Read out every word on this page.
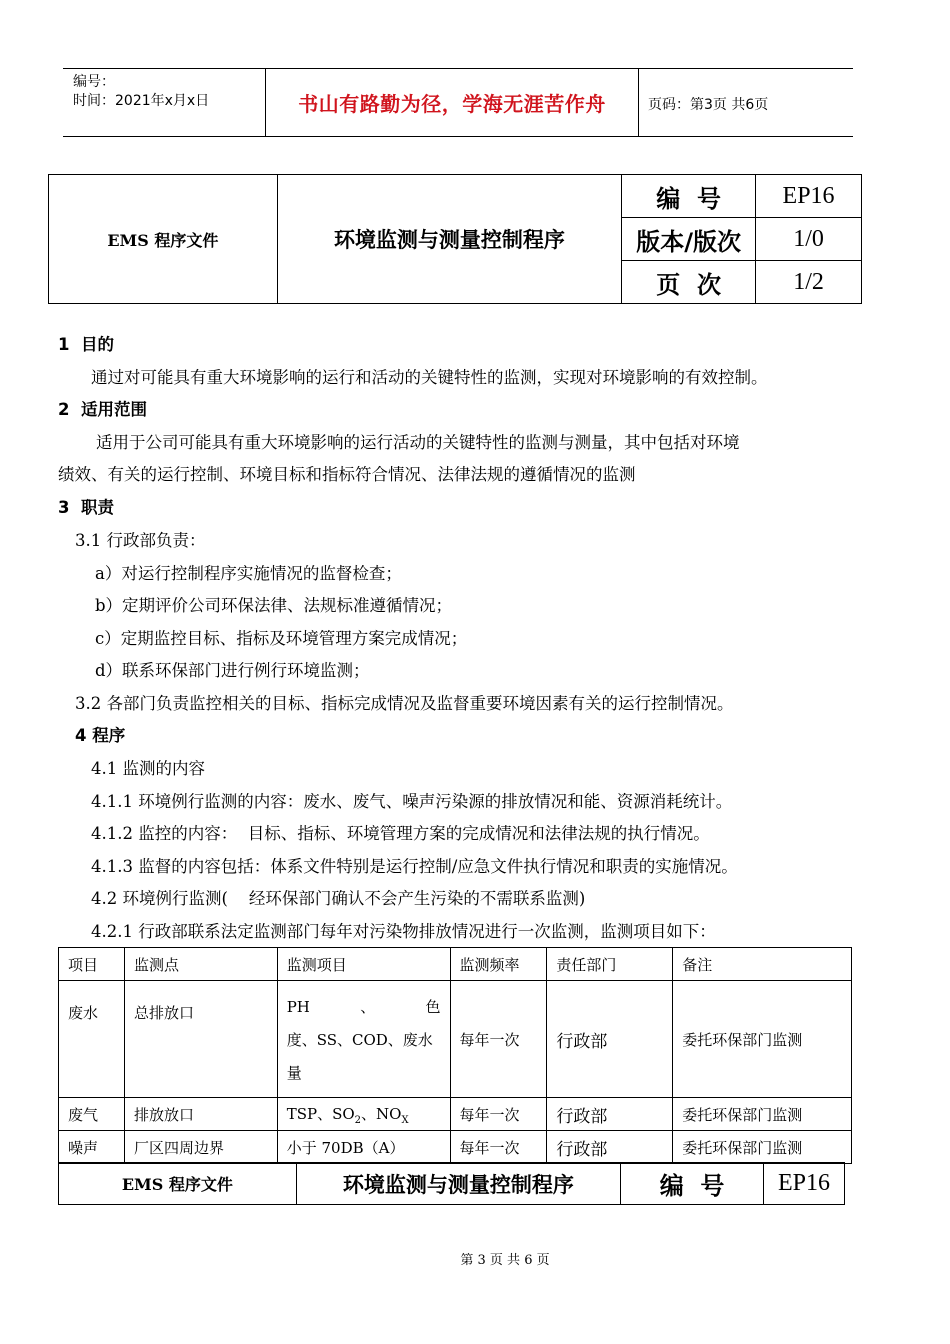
编号：
时间：2021年x月x日	书山有路勤为径，学海无涯苦作舟	页码：第3页 共6页
EMS 程序文件	环境监测与测量控制程序	编  号	EP16
		版本/版次	1/0
		页  次	1/2
1  目的
通过对可能具有重大环境影响的运行和活动的关键特性的监测，实现对环境影响的有效控制。
2  适用范围
适用于公司可能具有重大环境影响的运行活动的关键特性的监测与测量，其中包括对环境
绩效、有关的运行控制、环境目标和指标符合情况、法律法规的遵循情况的监测
3  职责
3.1 行政部负责：
a）对运行控制程序实施情况的监督检查；
b）定期评价公司环保法律、法规标准遵循情况；
c）定期监控目标、指标及环境管理方案完成情况；
d）联系环保部门进行例行环境监测；
3.2 各部门负责监控相关的目标、指标完成情况及监督重要环境因素有关的运行控制情况。
4 程序
4.1 监测的内容
4.1.1 环境例行监测的内容：废水、废气、噪声污染源的排放情况和能、资源消耗统计。
4.1.2 监控的内容：  目标、指标、环境管理方案的完成情况和法律法规的执行情况。
4.1.3 监督的内容包括：体系文件特别是运行控制/应急文件执行情况和职责的实施情况。
4.2 环境例行监测(    经环保部门确认不会产生污染的不需联系监测)
4.2.1 行政部联系法定监测部门每年对污染物排放情况进行一次监测，监测项目如下：
项目	监测点	监测项目	监测频率	责任部门	备注
废水	总排放口	PH 、 色
度、SS、COD、废水
量	每年一次	行政部	委托环保部门监测
废气	排放放口	TSP、$SO_2$、$NO_X$	每年一次	行政部	委托环保部门监测
噪声	厂区四周边界	小于 70DB（A）	每年一次	行政部	委托环保部门监测
EMS 程序文件	环境监测与测量控制程序	编  号	EP16
第 3 页 共 6 页
